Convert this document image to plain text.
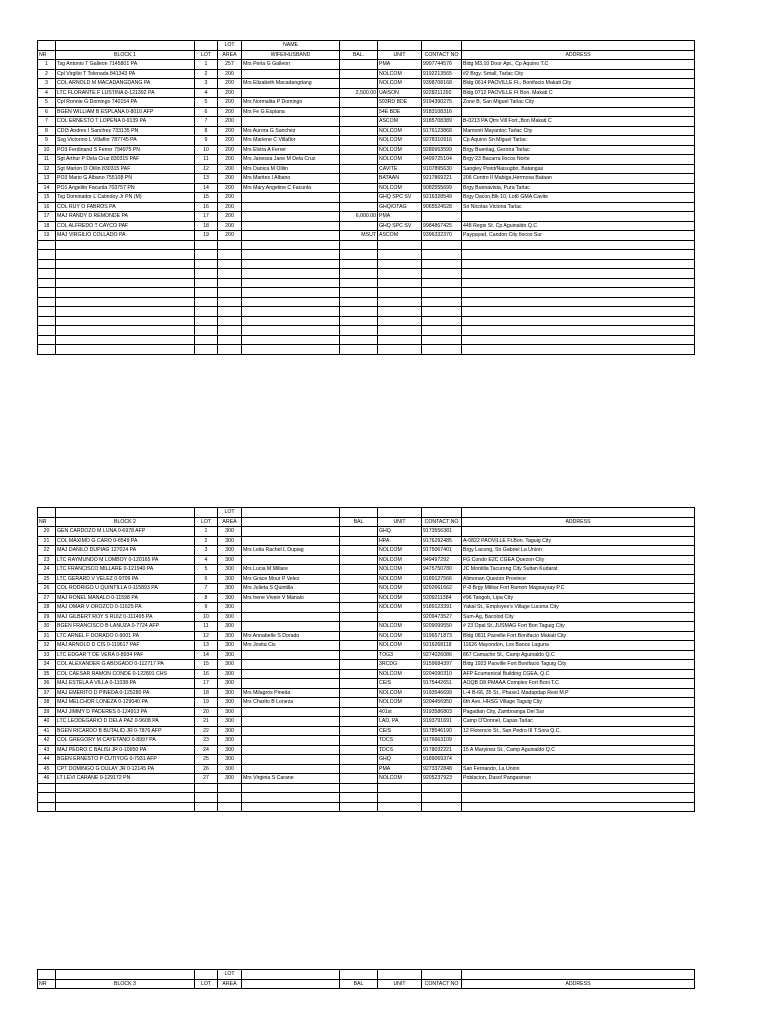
			LOT	NAME				
NR	BLOCK 1	LOT	AREA	WIFE/HUSBAND	BAL.	UNIT	CONTACT NO	ADDRESS
1	Tsg Antonio T Galleon 7145801 PA	1	257	Mrs Perla G Galleon		PMA	9997744576	Bldg M3,10 Door Apt., Cp Aquino T.C
2	Cpl Virgilio T Tolenada 841343 PA	2	200			NOLCOM	9192213565	#2 Brgy. Small, Tarlac City
3	COL ARNOLD M MACADANGDANG PA	3	200	Mrs Elizabeth Macadangdang		NOLCOM	9398708168	Bldg 0614 PAOVILLE Ft., Bonifacio Makati City
4	LTC FLORANTE F LUSTINA 0-121392 PA	4	200		2,500.00	UAISON	9228211392	Bldg 0712 PAOVILLE Ft Bon. Makati C
5	Cpl Ronnie G Domingo 740154 PA	5	200	Mrs Normalita P Domingo		503RD BDE	9194390275	Zone B, San Miguel Tarlac City
6	BGEN WILLIAM B ESPLANA 0-8010 AFP	6	200	Mrs Fe G Esplana		54E BDE	9183108316	
7	COL ERNESTO T LOPENA 0-9139 PA	7	200			ASCOM	9185708389	B-0213 PA Qtrs Vill Fort.,Bon Makati C
8	CDI3 Andres I Sanchez 733135 PN	8	200	Mrs Aurora G Sanchez		NOLCOM	9176123868	Mamonit Mayantoc Tarlac City
9	Ssg Victorino L Villaflor 787745 PA	9	200	Mrs Mariene C Villaflor		NOLCOM	9278310916	Cp Aquino Sn Miguel Tarlac
10	PO3 Ferdinand S Ferrer 794975 PN	10	200	Mrs Elvira A Ferrer		NOLCOM	9289953599	Brgy Buenlag, Gerona Tarlac
11	Sgt Arthur P Dela Cruz 830315 PAF	11	200	Mrs Janessa Jane M Dela Cruz		NOLCOM	9499725104	Brgy 23 Bacarra Ilocos Norte
12	Sgt Marlon O Olilin 830315 PAF	12	200	Mrs Danica M Olilin		CAVITE	9107895630	Sangley Point/Naisugbo, Batangas
13	PO3 Mario G Albano 755108 PN	13	200	Mrs Marites I Albano		BATAAN	9217869221	206 Centro II Mabiga,Hermosa Bataan
14	PO1 Angelito Facunla 703757 PN	14	200	Mrs Mary Angeline C Facunla		NOLCOM	9082555699	Brgy Buenavista, Pura Tarlac
15	Tsg Dominador L Catindoy Jr PN (M)	15	200			GHQ SPC SV	9216328549	Brgy Dacon,Blk 10, Lot6 GMA Cavite
16	COL RUY O FABROS PA	16	200			GHQ/OTAG	9065524528	Sn Nicolas Victoria Tarlac
17	MAJ RANDY D REMONDE PA	17	200		6,000.00	PMA		
18	COL ALFREDO T CAYCO PAF	18	200			GHQ SPC SV	9984867425	448 Regis St. Cp Aguinaldo Q.C
19	MAJ VIRGILIO COLLADO PA	19	200		MSUT	ASCOM	9396332370	Paypayad, Candon City Ilocos Sur

			LOT					
NR	BLOCK 2	LOT	AREA		BAL	UNIT	CONTACT NO	ADDRESS
20	GEN CARDOZO M LUNA 0-6978 AFP	1	300			GHQ	9173556381	
21	COL MAXIMO G CARO 0-8549 PA	2	300			HPA	9176292485	A-0822 PAOVILLE Ft.Bon. Taguig City
22	MAJ DANILO DUPIAG 127024 PA	3	300	Mrs Leila Rachel L Dupiag		NOLCOM	9175067401	Brgy Lacong, Sn Gabriel La Union
23	LTC RAYMUNDO M LOMBOY 0-120165 PA	4	300			NOLCOM	949497292	FG Condo E2C CGEA Quezon City
24	LTC FRANCISCO MILLARE 0-121940 PA	5	300	Mrs Lucia M Millare		NOLCOM	9475750780	JC Montilla Tacurong City Sultan Kudarat
25	LTC GERARD V VELEZ 0-9709 PA	6	300	Mrs Grace Mour P Velez		NOLCOM	9189127566	Alimonan Quezon Province
26	COL RODRIGO U QUINTILLA 0-115893 PA	7	300	Mrs Julieta S Quintilla		NOLCOM	9292661662	P-8 Brgy Militar Fort Ramon Magsaysay P.C
27	MAJ RONEL MANALO 0-11598 PA	8	300	Mrs Irene Vivein V Manalo		NOLCOM	9209211384	#96 Tangob, Lipa City
28	MAJ OMAR V OROZCO 0-11625 PA	9	300			NOLCOM	9189123391	Yakal St., Employee's Village Lucena City
29	MAJ GILBERT ROY S RUIZ 0-111495 PA	10	300				9209473527	Sum-Ag, Bacolod City
30	BGEN FRANCISCO B LANUZA 0-7724 AFP	11	300			NOLCOM	9209099550	# 23 Opal St.,JUSMAG Fort Bon Taguig City
31	LTC ARNEL F DORADO 0-9001 PA	12	300	Mrs Annabelle S Dorado		NOLCOM	9196571873	Bldg 0811 Paoville Fort Bonifacio Makati City
32	MAJ ARNOLD D CIS 0-119617 PAF	13	300	Mrs Jovita Cis		NOLCOM	9216268118	11626 Mayondon, Los Banos Laguna
33	LTC EDGAR T DE VERA 0-8934 PAF	14	300			TOG3	9274026086	867 Camacho St., Camp Aguinaldo Q.C
34	COL ALEXANDER G ABOGADO 0-112717 PA	15	300			3RCDG	9159684397	Bldg 1923 Paoville Fort Bonifacio Taguig City
35	COL CAESAR RAMON CONDE 0-122801 CHS	16	300			NOLCOM	9204090310	AFP Ecumenical Building CGEA, Q.C
36	MAJ ESTELA A VILLA 0-11038 PA	17	300			CEIS	9175442651	AOQB D8 PMAAA Complex Fort Boni T.C
37	MAJ EMERITO D PINEDA 0-125280 PA	18	300	Mrs Milagros Pineda		NOLCOM	9193546699	L-4 B-66, 35 St., Phase1 Madapdap Rest M.P
38	MAJ MELCHOR LONEZA 0-129040 PA	19	300	Mrs Charito B Loneza		NOLCOM	9204456950	6th Ave. HHSG Village Taguig City
39	MAJ JIMMY D PADERES 0-124913 PA	20	300			401st	9193586803	Pagadian City, Zamboanga Del Sur
40	LTC LEODEGARIO D DELA PAZ 0-9608 PA	21	300			LAD, PA	9193791691	Camp O'Donnel, Capas Tarlac
41	BGEN RICARDO B BUTALID JR 0-7876 AFP	22	300			CEIS	9178546190	12 Florencio St., San Pedro III T.Sora Q.C.
42	COL GREGORY M CAYETANO 0-8997 PA	23	300			TDCS	9176663109	
43	MAJ PEDRO C BALISI JR 0-10950 PA	24	300			TDCS	9178032221	15 A Maryinez St., Camp Aguinaldo Q.C
44	BGEN ERNESTO P CUTIYOG 0-7931 AFP	25	300			GHQ	9189069374	
45	CPT DOMINGO G DULAY JR 0-12145 PA	26	300			PMA	9273372848	San Fernando, La Union
46	LT LEVI CARANE 0-129172 PN	27	300	Mrs Virginia S Carane		NOLCOM	9205237923	Poblacion, Dasol Pangasinan

			LOT					
NR	BLOCK 3	LOT	AREA		BAL	UNIT	CONTACT NO	ADDRESS
